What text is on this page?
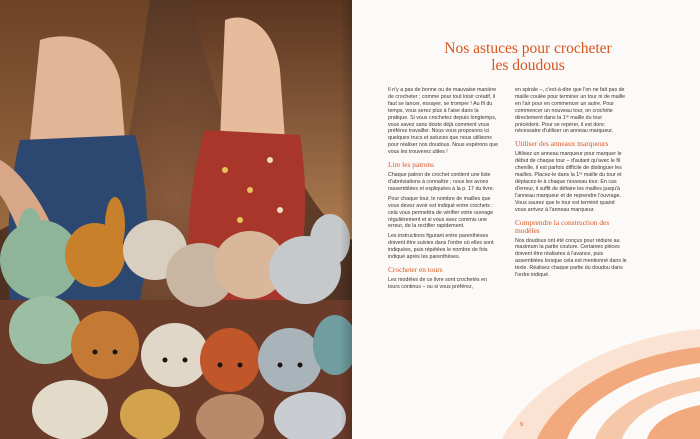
Nos astuces pour crocheter
les doudous

Il n'y a pas de bonne ou de mauvaise manière de crocheter ; comme pour tout loisir créatif, il faut se lancer, essayer, se tromper ! Au fil du temps, vous serez plus à l'aise dans la pratique. Si vous crochetez depuis longtemps, vous savez sans doute déjà comment vous préférez travailler. Nous vous proposons ici quelques trucs et astuces que nous utilisons pour réaliser nos doudous. Nous espérons que vous les trouverez utiles !

Lire les patrons

Chaque patron de crochet contient une liste d'abréviations à connaître ; nous les avons rassemblées et expliquées à la p. 17 du livre.

Pour chaque tour, le nombre de mailles que vous devez avoir est indiqué entre crochets : cela vous permettra de vérifier votre ouvrage régulièrement et si vous avez commis une erreur, de la rectifier rapidement.

Les instructions figurant entre parenthèses doivent être suivies dans l'ordre où elles sont indiquées, puis répétées le nombre de fois indiqué après les parenthèses.

Crocheter en tours

Les modèles de ce livre sont crochetés en tours continus – ou si vous préférez,

en spirale –, c'est-à-dire que l'on ne fait pas de maille coulée pour terminer un tour ni de maille en l'air pour en commencer un autre. Pour commencer un nouveau tour, on crochète directement dans la 1ʳᵉ maille du tour précédent. Pour se repérer, il est donc nécessaire d'utiliser un anneau marqueur.

Utiliser des anneaux marqueurs

Utilisez un anneau marqueur pour marquer le début de chaque tour – d'autant qu'avec le fil chenille, il est parfois difficile de distinguer les mailles. Placez-le dans la 1ʳᵉ maille du tour et déplacez-le à chaque nouveau tour. En cas d'erreur, il suffit de défaire les mailles jusqu'à l'anneau marqueur et de reprendre l'ouvrage. Vous saurez que le tour est terminé quand vous arrivez à l'anneau marqueur.

Comprendre la construction des modèles

Nos doudous ont été conçus pour réduire au maximum la partie couture. Certaines pièces doivent être réalisées à l'avance, puis assemblées lorsque cela est mentionné dans le texte. Réalisez chaque partie du doudou dans l'ordre indiqué.

9
